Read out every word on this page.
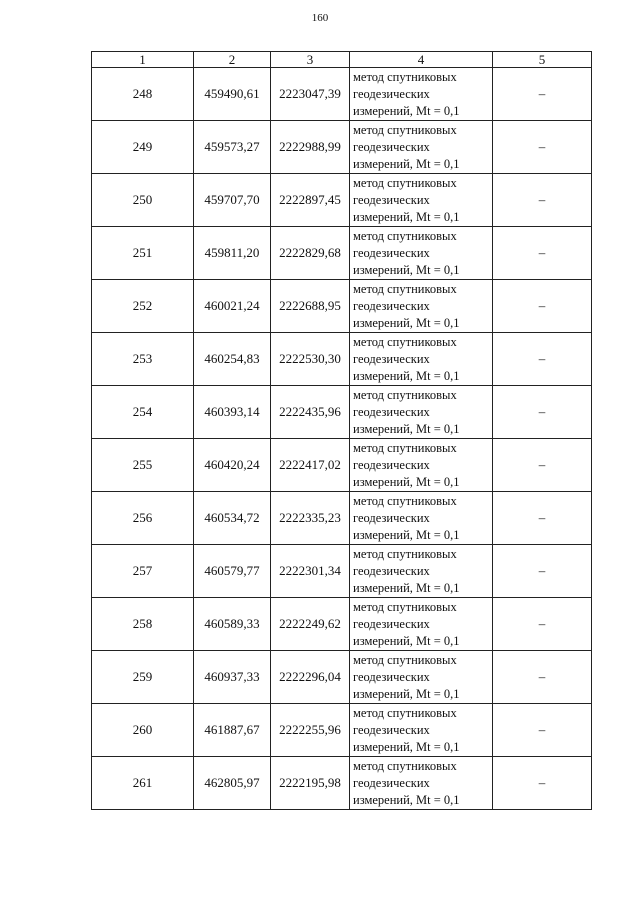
160
1	2	3	4	5
248	459490,61	2223047,39	метод спутниковых
геодезических
измерений, Mt = 0,1	–
249	459573,27	2222988,99	метод спутниковых
геодезических
измерений, Mt = 0,1	–
250	459707,70	2222897,45	метод спутниковых
геодезических
измерений, Mt = 0,1	–
251	459811,20	2222829,68	метод спутниковых
геодезических
измерений, Mt = 0,1	–
252	460021,24	2222688,95	метод спутниковых
геодезических
измерений, Mt = 0,1	–
253	460254,83	2222530,30	метод спутниковых
геодезических
измерений, Mt = 0,1	–
254	460393,14	2222435,96	метод спутниковых
геодезических
измерений, Mt = 0,1	–
255	460420,24	2222417,02	метод спутниковых
геодезических
измерений, Mt = 0,1	–
256	460534,72	2222335,23	метод спутниковых
геодезических
измерений, Mt = 0,1	–
257	460579,77	2222301,34	метод спутниковых
геодезических
измерений, Mt = 0,1	–
258	460589,33	2222249,62	метод спутниковых
геодезических
измерений, Mt = 0,1	–
259	460937,33	2222296,04	метод спутниковых
геодезических
измерений, Mt = 0,1	–
260	461887,67	2222255,96	метод спутниковых
геодезических
измерений, Mt = 0,1	–
261	462805,97	2222195,98	метод спутниковых
геодезических
измерений, Mt = 0,1	–
